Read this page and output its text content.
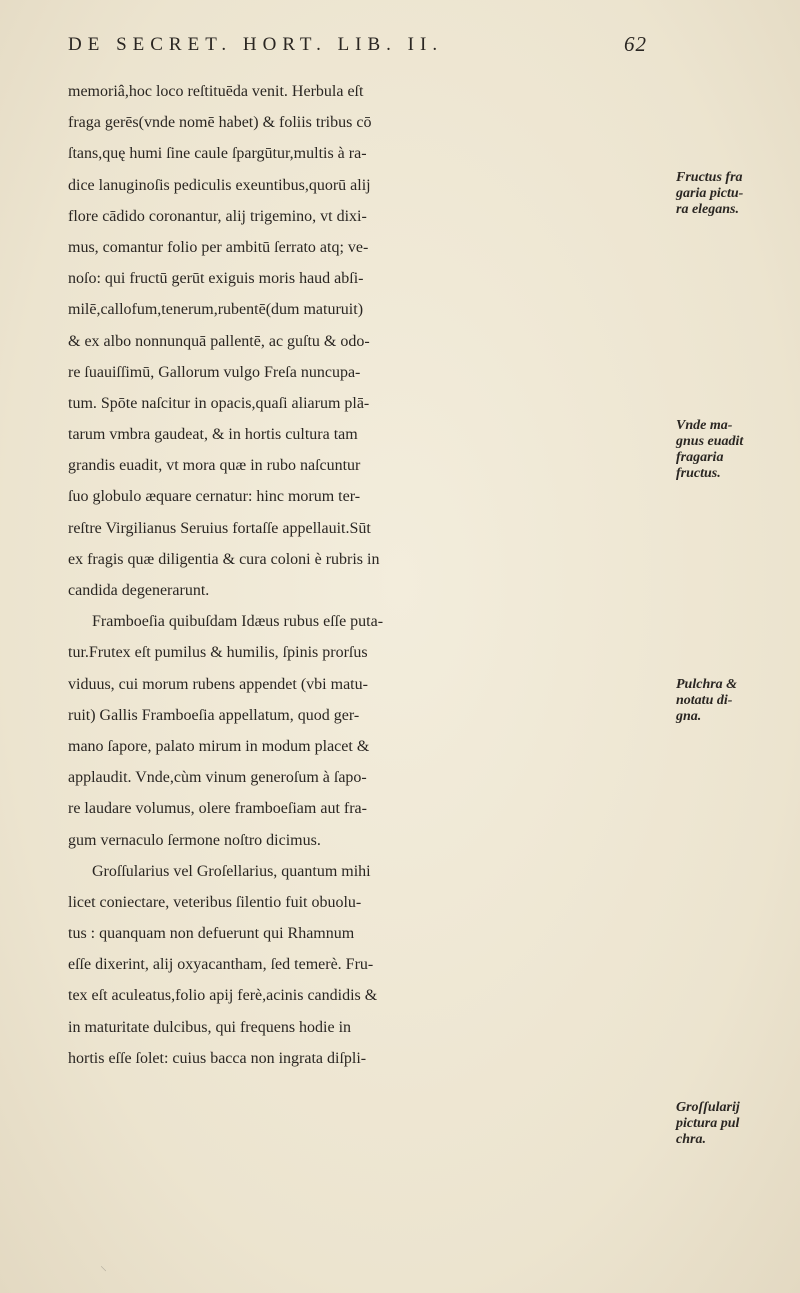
DE SECRET. HORT. LIB. II.	62
memoriâ,hoc loco reſtituēda venit. Herbula eſt
fraga gerēs(vnde nomē habet) & foliis tribus cō
ſtans,quę humi ſine caule ſpargūtur,multis à ra-
dice lanuginoſis pediculis exeuntibus,quorū alij
flore cādido coronantur, alij trigemino, vt dixi-
mus, comantur folio per ambitū ſerrato atq; ve-
noſo: qui fructū gerūt exiguis moris haud abſi-
milē,callofum,tenerum,rubentē(dum maturuit)
& ex albo nonnunquā pallentē, ac guſtu & odo-
re ſuauiſſimū, Gallorum vulgo Freſa nuncupa-
tum. Spōte naſcitur in opacis,quaſi aliarum plā-
tarum vmbra gaudeat, & in hortis cultura tam
grandis euadit, vt mora quæ in rubo naſcuntur
ſuo globulo æquare cernatur: hinc morum ter-
reſtre Virgilianus Seruius fortaſſe appellauit.Sūt
ex fragis quæ diligentia & cura coloni è rubris in
candida degenerarunt.
Framboeſia quibuſdam Idæus rubus eſſe puta-
tur.Frutex eſt pumilus & humilis, ſpinis prorſus
viduus, cui morum rubens appendet (vbi matu-
ruit) Gallis Framboeſia appellatum, quod ger-
mano ſapore, palato mirum in modum placet &
applaudit. Vnde,cùm vinum generoſum à ſapo-
re laudare volumus, olere framboeſiam aut fra-
gum vernaculo ſermone noſtro dicimus.
Groſſularius vel Groſellarius, quantum mihi
licet coniectare, veteribus ſilentio fuit obuolu-
tus : quanquam non defuerunt qui Rhamnum
eſſe dixerint, alij oxyacantham, ſed temerè. Fru-
tex eſt aculeatus,folio apij ferè,acinis candidis &
in maturitate dulcibus, qui frequens hodie in
hortis eſſe ſolet: cuius bacca non ingrata diſpli-
Fructus fra
garia pictu-
ra elegans.
Vnde ma-
gnus euadit
fragaria
fructus.
Pulchra &
notatu di-
gna.
Groſſularij
pictura pul
chra.
⸌
